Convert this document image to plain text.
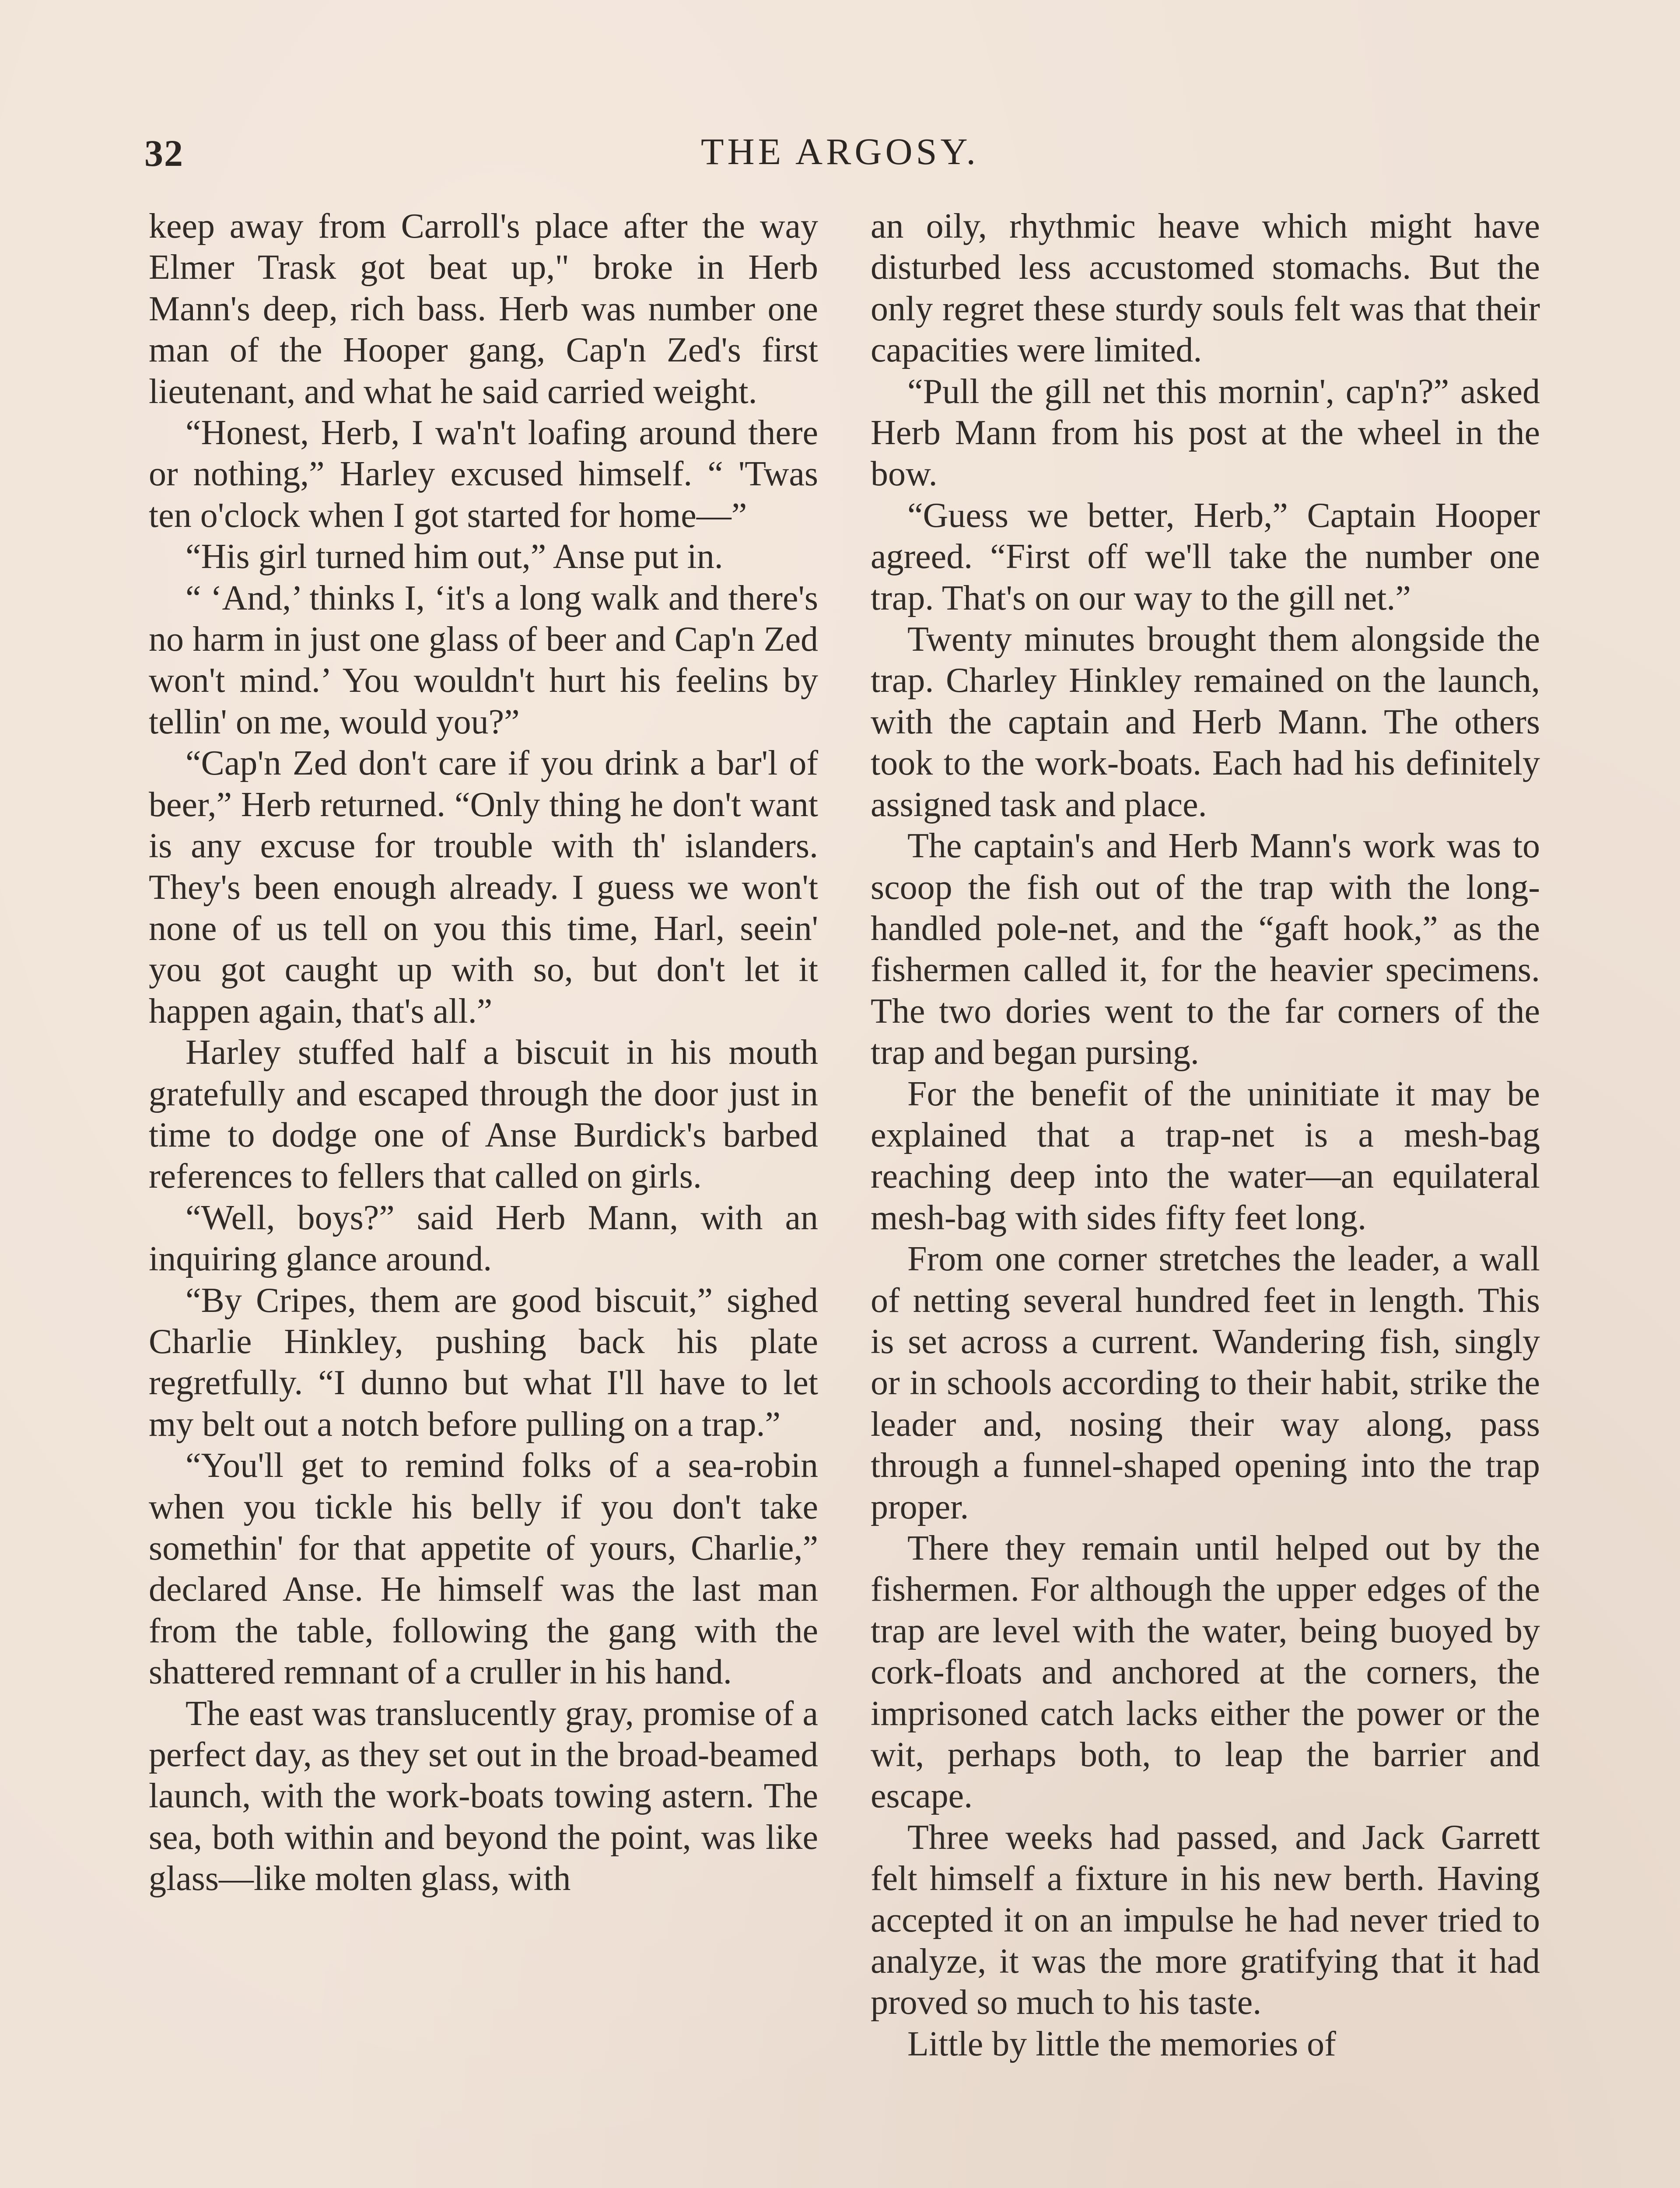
32	THE ARGOSY.

keep away from Carroll's place after the way Elmer Trask got beat up," broke in Herb Mann's deep, rich bass. Herb was number one man of the Hooper gang, Cap'n Zed's first lieutenant, and what he said carried weight.

“Honest, Herb, I wa'n't loafing around there or nothing,” Harley excused himself. “ 'Twas ten o'clock when I got started for home—”

“His girl turned him out,” Anse put in.

“ ‘And,’ thinks I, ‘it's a long walk and there's no harm in just one glass of beer and Cap'n Zed won't mind.’ You wouldn't hurt his feelins by tellin' on me, would you?”

“Cap'n Zed don't care if you drink a bar'l of beer,” Herb returned. “Only thing he don't want is any excuse for trouble with th' islanders. They's been enough already. I guess we won't none of us tell on you this time, Harl, seein' you got caught up with so, but don't let it happen again, that's all.”

Harley stuffed half a biscuit in his mouth gratefully and escaped through the door just in time to dodge one of Anse Burdick's barbed references to fellers that called on girls.

“Well, boys?” said Herb Mann, with an inquiring glance around.

“By Cripes, them are good biscuit,” sighed Charlie Hinkley, pushing back his plate regretfully. “I dunno but what I'll have to let my belt out a notch before pulling on a trap.”

“You'll get to remind folks of a sea-robin when you tickle his belly if you don't take somethin' for that appetite of yours, Charlie,” declared Anse. He himself was the last man from the table, following the gang with the shattered remnant of a cruller in his hand.

The east was translucently gray, promise of a perfect day, as they set out in the broad-beamed launch, with the work-boats towing astern. The sea, both within and beyond the point, was like glass—like molten glass, with

an oily, rhythmic heave which might have disturbed less accustomed stomachs. But the only regret these sturdy souls felt was that their capacities were limited.

“Pull the gill net this mornin', cap'n?” asked Herb Mann from his post at the wheel in the bow.

“Guess we better, Herb,” Captain Hooper agreed. “First off we'll take the number one trap. That's on our way to the gill net.”

Twenty minutes brought them alongside the trap. Charley Hinkley remained on the launch, with the captain and Herb Mann. The others took to the work-boats. Each had his definitely assigned task and place.

The captain's and Herb Mann's work was to scoop the fish out of the trap with the long-handled pole-net, and the “gaft hook,” as the fishermen called it, for the heavier specimens. The two dories went to the far corners of the trap and began pursing.

For the benefit of the uninitiate it may be explained that a trap-net is a mesh-bag reaching deep into the water—an equilateral mesh-bag with sides fifty feet long.

From one corner stretches the leader, a wall of netting several hundred feet in length. This is set across a current. Wandering fish, singly or in schools according to their habit, strike the leader and, nosing their way along, pass through a funnel-shaped opening into the trap proper.

There they remain until helped out by the fishermen. For although the upper edges of the trap are level with the water, being buoyed by cork-floats and anchored at the corners, the imprisoned catch lacks either the power or the wit, perhaps both, to leap the barrier and escape.

Three weeks had passed, and Jack Garrett felt himself a fixture in his new berth. Having accepted it on an impulse he had never tried to analyze, it was the more gratifying that it had proved so much to his taste.

Little by little the memories of
